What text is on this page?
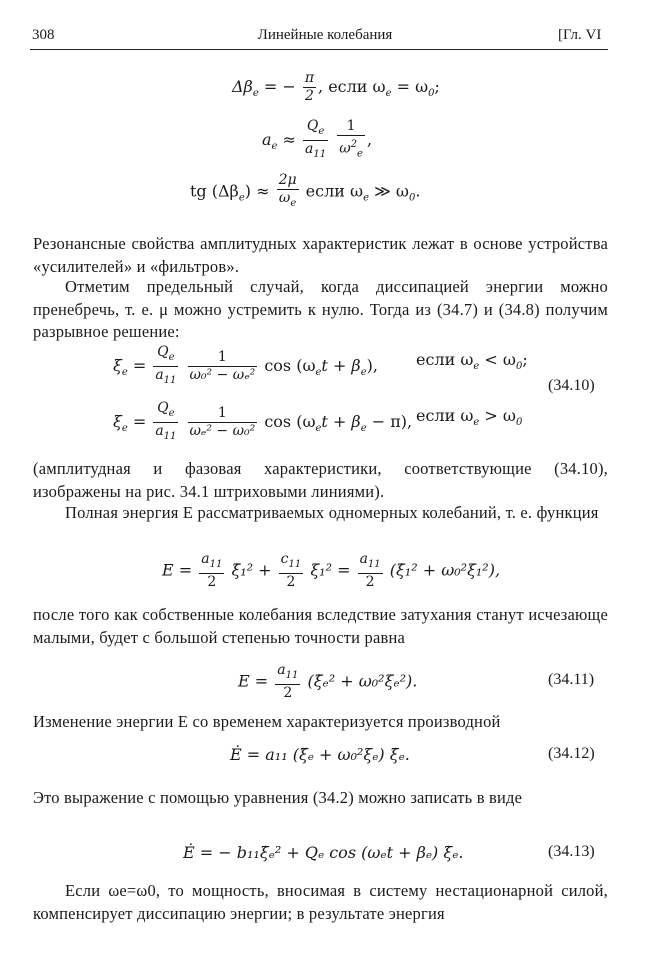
308	Линейные колебания	[Гл. VI
$\Delta\beta_e$ = − $\frac{\pi}{2}$ , если $\omega_e = \omega_0$;
$a_e \approx \frac{Q_e}{a_{11}}$
$\frac{1}{\omega^2_e}$ ,
tg $(\Delta\beta_e) \approx \frac{2\mu}{\omega_e}$ если $\omega_e$ ≫ $\omega_0$.
Резонансные свойства амплитудных характеристик лежат в основе устройства «усилителей» и «фильтров».
Отметим предельный случай, когда диссипацией энергии можно пренебречь, т. е. μ можно устремить к нулю. Тогда из (34.7) и (34.8) получим разрывное решение:
$\xi_e = \frac{Q_e}{a_{11}}$
$\frac{1}{\text{ω₀² − ωₑ²}}$ $\cos (\omega_et + \beta_e)$, если $\omega_e < \omega_0$;
(34.10)
$\xi_e = \frac{Q_e}{a_{11}}$
$\frac{1}{\text{ωₑ² − ω₀²}}$ $\cos (\omega_et + \beta_e - \pi)$, если $\omega_e > \omega_0$
(амплитудная и фазовая характеристики, соответствующие (34.10), изображены на рис. 34.1 штриховыми линиями).
Полная энергия E рассматриваемых одномерных колебаний, т. е. функция
$E = \frac{a_{11}}{2}$ ξ̇₁² + $\frac{c_{11}}{2} \xi_1^2 = \frac{a_{11}}{2}$ (ξ̇₁² + ω₀²ξ₁²),
после того как собственные колебания вследствие затухания станут исчезающе малыми, будет с большой степенью точности равна
$E = \frac{a_{11}}{2}$ (ξ̇ₑ² + ω₀²ξₑ²).	(34.11)
Изменение энергии E со временем характеризуется производной
Ė = a₁₁ (ξ̈ₑ + ω₀²ξₑ) ξ̇ₑ.	(34.12)
Это выражение с помощью уравнения (34.2) можно записать в виде
Ė = − b₁₁ξ̇ₑ² + Qₑ cos (ωₑt + βₑ) ξ̇ₑ.	(34.13)
Если ωe=ω0, то мощность, вносимая в систему нестационарной силой, компенсирует диссипацию энергии; в результате энергия
